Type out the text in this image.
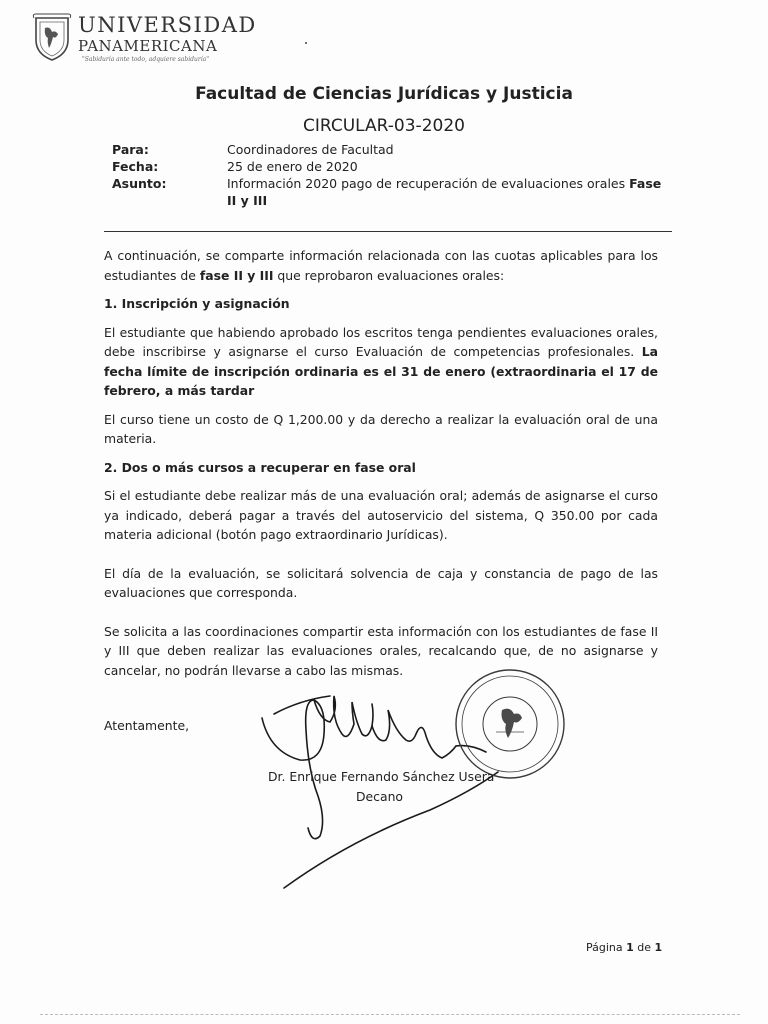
UNIVERSIDAD
PANAMERICANA
"Sabiduría ante todo, adquiere sabiduría"
Facultad de Ciencias Jurídicas y Justicia
CIRCULAR-03-2020
Para:	Coordinadores de Facultad
Fecha:	25 de enero de 2020
Asunto:	Información 2020 pago de recuperación de evaluaciones orales Fase II y III

A continuación, se comparte información relacionada con las cuotas aplicables para los estudiantes de fase II y III que reprobaron evaluaciones orales:

1. Inscripción y asignación

El estudiante que habiendo aprobado los escritos tenga pendientes evaluaciones orales, debe inscribirse y asignarse el curso Evaluación de competencias profesionales. La fecha límite de inscripción ordinaria es el 31 de enero (extraordinaria el 17 de febrero, a más tardar

El curso tiene un costo de Q 1,200.00 y da derecho a realizar la evaluación oral de una materia.

2. Dos o más cursos a recuperar en fase oral

Si el estudiante debe realizar más de una evaluación oral; además de asignarse el curso ya indicado, deberá pagar a través del autoservicio del sistema, Q 350.00 por cada materia adicional (botón pago extraordinario Jurídicas).

El día de la evaluación, se solicitará solvencia de caja y constancia de pago de las evaluaciones que corresponda.

Se solicita a las coordinaciones compartir esta información con los estudiantes de fase II y III que deben realizar las evaluaciones orales, recalcando que, de no asignarse y cancelar, no podrán llevarse a cabo las mismas.

Atentamente,
Dr. Enrique Fernando Sánchez Usera
Decano
Página 1 de 1
